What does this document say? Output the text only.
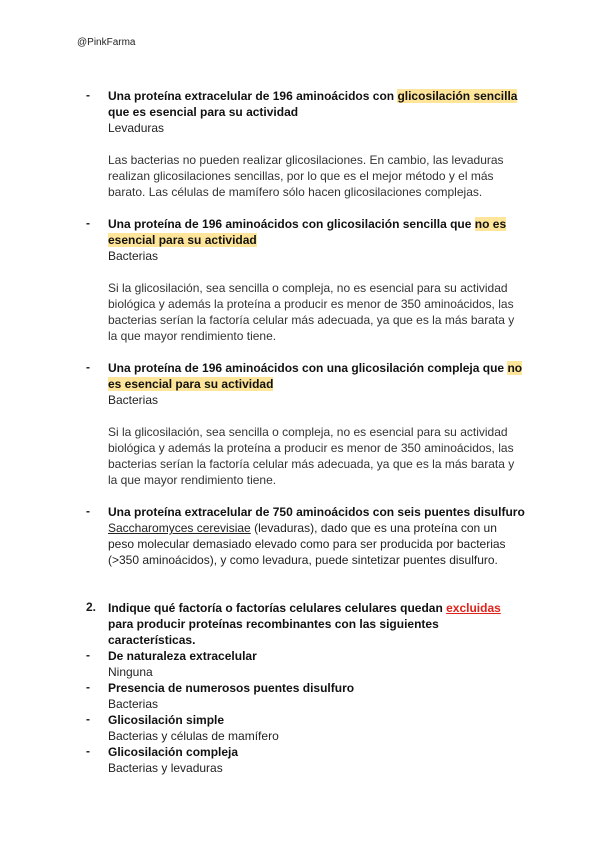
@PinkFarma
-	Una proteína extracelular de 196 aminoácidos con glicosilación sencilla que es esencial para su actividad
Levaduras
Las bacterias no pueden realizar glicosilaciones. En cambio, las levaduras realizan glicosilaciones sencillas, por lo que es el mejor método y el más barato. Las células de mamífero sólo hacen glicosilaciones complejas.
-	Una proteína de 196 aminoácidos con glicosilación sencilla que no es esencial para su actividad
Bacterias
Si la glicosilación, sea sencilla o compleja, no es esencial para su actividad biológica y además la proteína a producir es menor de 350 aminoácidos, las bacterias serían la factoría celular más adecuada, ya que es la más barata y la que mayor rendimiento tiene.
-	Una proteína de 196 aminoácidos con una glicosilación compleja que no es esencial para su actividad
Bacterias
Si la glicosilación, sea sencilla o compleja, no es esencial para su actividad biológica y además la proteína a producir es menor de 350 aminoácidos, las bacterias serían la factoría celular más adecuada, ya que es la más barata y la que mayor rendimiento tiene.
-	Una proteína extracelular de 750 aminoácidos con seis puentes disulfuro
Saccharomyces cerevisiae (levaduras), dado que es una proteína con un peso molecular demasiado elevado como para ser producida por bacterias (>350 aminoácidos), y como levadura, puede sintetizar puentes disulfuro.
2. Indique qué factoría o factorías celulares celulares quedan excluidas para producir proteínas recombinantes con las siguientes características.
-	De naturaleza extracelular
Ninguna
-	Presencia de numerosos puentes disulfuro
Bacterias
-	Glicosilación simple
Bacterias y células de mamífero
-	Glicosilación compleja
Bacterias y levaduras
